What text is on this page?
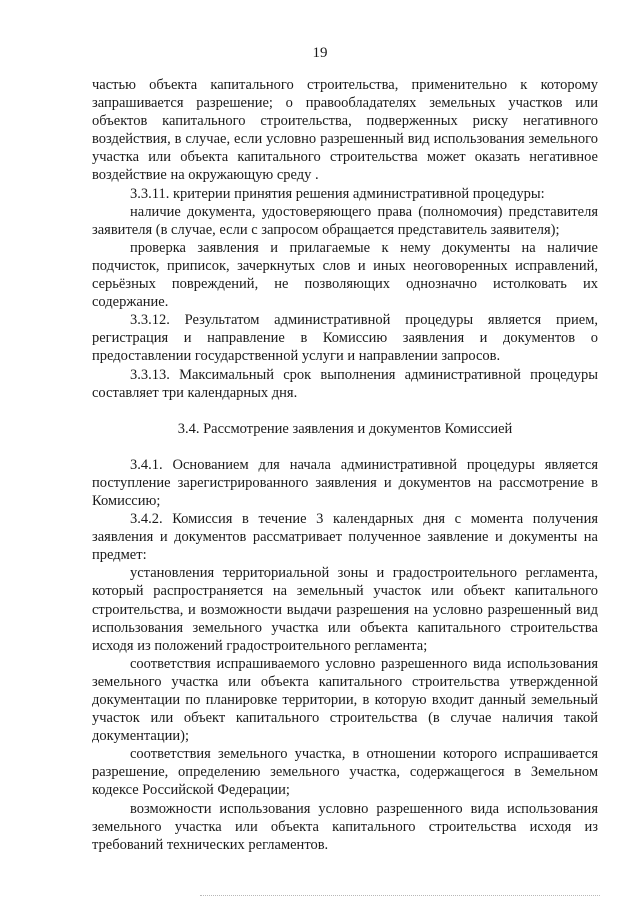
19

частью объекта капитального строительства, применительно к которому запрашивается разрешение; о правообладателях земельных участков или объектов капитального строительства, подверженных риску негативного воздействия, в случае, если условно разрешенный вид использования земельного участка или объекта капитального строительства может оказать негативное воздействие на окружающую среду .

3.3.11. критерии принятия решения административной процедуры:

наличие документа, удостоверяющего права (полномочия) представителя заявителя (в случае, если с запросом обращается представитель заявителя);

проверка заявления и прилагаемые к нему документы на наличие подчисток, приписок, зачеркнутых слов и иных неоговоренных исправлений, серьёзных повреждений, не позволяющих однозначно истолковать их содержание.

3.3.12. Результатом административной процедуры является прием, регистрация и направление в Комиссию заявления и документов о предоставлении государственной услуги и направлении запросов.

3.3.13. Максимальный срок выполнения административной процедуры составляет три календарных дня.

3.4. Рассмотрение заявления и документов Комиссией

3.4.1. Основанием для начала административной процедуры является поступление зарегистрированного заявления и документов на рассмотрение в Комиссию;

3.4.2. Комиссия в течение 3 календарных дня с момента получения заявления и документов рассматривает полученное заявление и документы на предмет:

установления территориальной зоны и градостроительного регламента, который распространяется на земельный участок или объект капитального строительства, и возможности выдачи разрешения на условно разрешенный вид использования земельного участка или объекта капитального строительства исходя из положений градостроительного регламента;

соответствия испрашиваемого условно разрешенного вида использования земельного участка или объекта капитального строительства утвержденной документации по планировке территории, в которую входит данный земельный участок или объект капитального строительства (в случае наличия такой документации);

соответствия земельного участка, в отношении которого испрашивается разрешение, определению земельного участка, содержащегося в Земельном кодексе Российской Федерации;

возможности использования условно разрешенного вида использования земельного участка или объекта капитального строительства исходя из требований технических регламентов.
